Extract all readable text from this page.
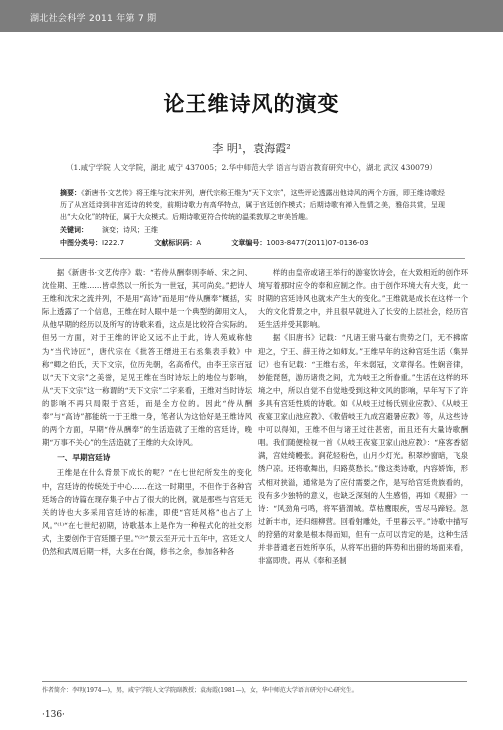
湖北社会科学 2011 年第 7 期
论王维诗风的演变
李 明¹，袁海霞²
（1.咸宁学院 人文学院，湖北 咸宁 437005；2.华中师范大学 语言与语言教育研究中心，湖北 武汉 430079）

摘要：《新唐书·文艺传》将王维与沈宋并列，唐代宗称王维为“天下文宗”，这些评论透露出他诗风的两个方面，即王维诗歌经历了从宫廷诗到非宫廷诗的转变，前期诗歌力有高华特点，属于宫廷创作模式；后期诗歌有禅入性情之美，雅俗共赏，呈现出“大众化”的特征，属于大众模式。后期诗歌更符合传统的温柔敦厚之审美旨趣。

关键词： 演变；诗风；王维
中图分类号：I222.7	文献标识码：A	文章编号：1003-8477(2011)07-0136-03

据《新唐书·文艺传序》载：“若侍从酬奉则李峤、宋之问、沈佺期、王维……皆卓然以一所长为一世冠，其可尚矣。”把诗人王维和沈宋之流并列，不是用“高诗”而是用“侍从酬奉”概括，实际上透露了一个信息，王维在时人眼中是一个典型的御用文人，从他早期的经历以及所写的诗歌来看，这点是比较符合实际的。但另一方面，对于王维的评论又远不止于此，诗人苑咸称他为“当代诗匠”，唐代宗在《批答王缙进王右丞集表手敕》中称“卿之伯氏，天下文宗，位历先朝，名高希代，由李王宗百冠以“天下文宗”之美誉，足见王维在当时诗坛上的地位与影响，从“天下文宗”这一称谓的“天下文宗”二字来看，王维对当时诗坛的影响不再只局限于宫廷，而是全方位的。因此“侍从酬奉”与“高诗”都能统一于王维一身，笔者认为这恰好是王维诗风的两个方面，早期“侍从酬奉”的生活造就了王维的宫廷诗，晚期“万事不关心”的生活造就了王维的大众诗风。

一、早期宫廷诗

王维是在什么背景下成长的呢？“在七世纪所发生的变化中，宫廷诗的传统处于中心……在这一时期里，不但作于各种宫廷场合的诗篇在现存集子中占了很大的比例，就是那些与宫廷无关的诗也大多采用宫廷诗的标准，即使“宫廷风格”也占了上风。”⁽¹⁾“在七世纪初期，诗歌基本上是作为一种程式化的社交形式，主要创作于宫廷圈子里。”⁽²⁾“景云至开元十五年中，宫廷文人仍然和武周后期一样，大多在台阁，修书之余，参加各种各

样的由皇帝或诸王举行的游宴饮诗会，在大致相近的创作环境写着那时应令的奉和应制之作。由于创作环境大有大变，此一时期的宫廷诗风也就未产生大的变化。”王维就是成长在这样一个大的文化背景之中，并且很早就进入了长安的上层社会，经历宫廷生活并受其影响。

据《旧唐书》记载：“凡诸王驸马豪右贵势之门，无不拂席迎之，宁王、薛王待之如师友。”王维早年的这种宫廷生活（集异记）也有记载：“王维右丞，年未弱冠，文章得名。性娴音律，妙能琵琶，游历诸贵之间，尤为岐王之所眷重。”生活在这样的环境之中，所以自觉不自觉地受到这种文风的影响，早年写下了许多具有宫廷性质的诗歌。如《从岐王过杨氏别业应教》、《从岐王夜宴卫家山池应教》、《敕借岐王九成宫避暑应教》等，从这些诗中可以得知，王维不但与诸王过往甚密，而且还有大量诗歌酬唱。我们随便检视一首《从岐王夜宴卫家山池应教》：“座客香貂满，宫娃绮幔张。涧花轻粉色，山月少灯光。积翠纱窗暗，飞泉绣户凉。还将歌舞出，归路莫愁长。”像这类诗歌，内容娇饰，形式相对狭溢，通常是为了应付需要之作，是写给宫廷贵族看的，没有多少独特的意义，也缺乏深刻的人生感悟，再如《观猎》一诗：“风劲角弓鸣，将军猎渭城。草枯鹰眼疾，雪尽马蹄轻。忽过新丰市，还归细柳营。回看射雕处，千里暮云平。”诗歌中描写的狩猎的对象是根本得而知，但有一点可以肯定的是，这种生活并非普通老百姓所享乐，从将军出猎的阵势和出猎的场面来看，非富即贵。再从《奉和圣制

作者简介：李明(1974—)，男，咸宁学院人文学院副教授；袁海霞(1981—)，女，华中师范大学语言研究中心研究生。
·136·
